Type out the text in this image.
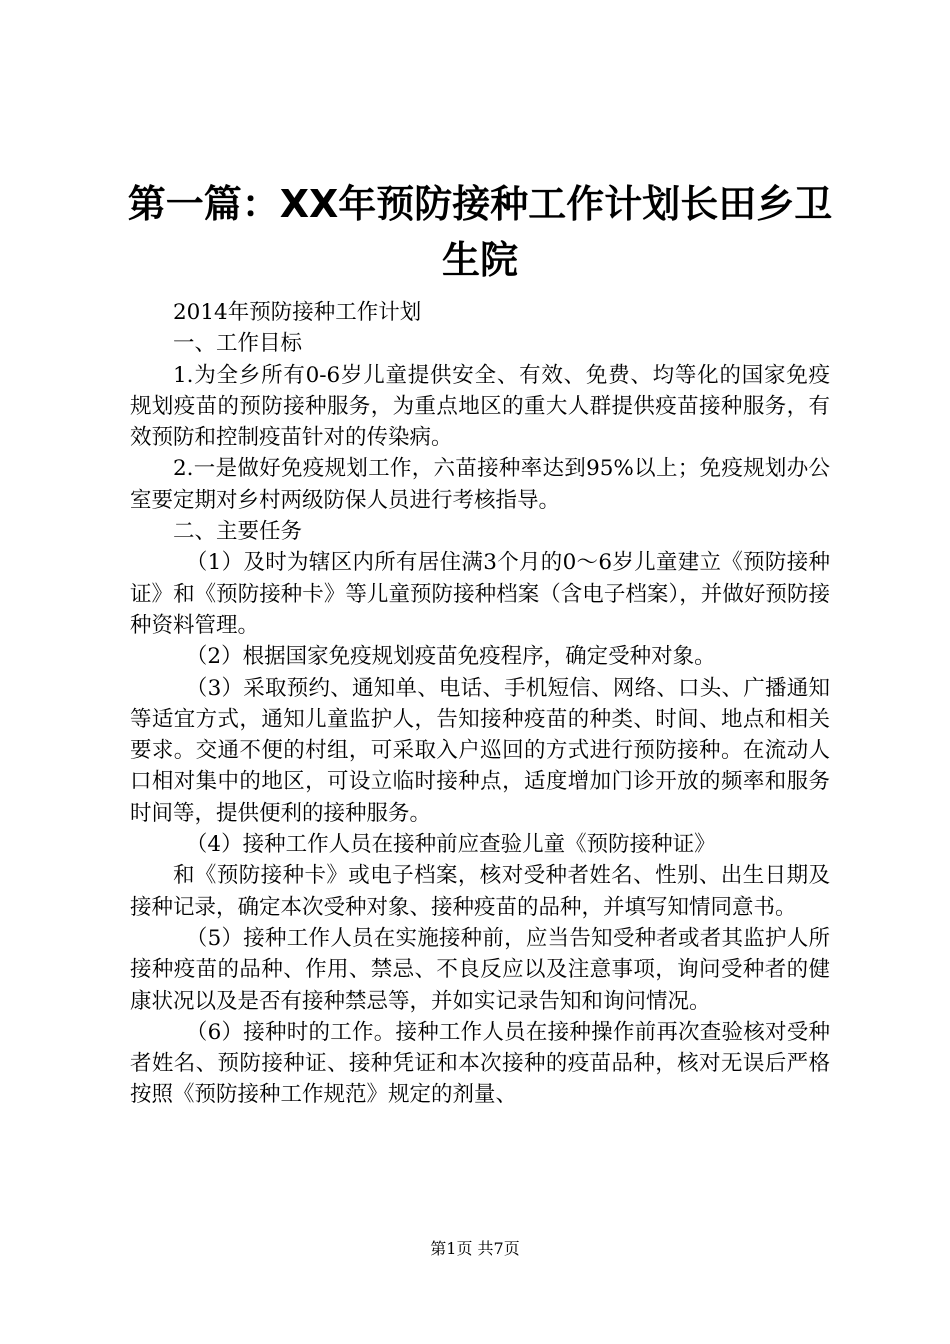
第一篇：XX年预防接种工作计划长田乡卫生院

2014年预防接种工作计划

一、工作目标

1.为全乡所有0-6岁儿童提供安全、有效、免费、均等化的国家免疫规划疫苗的预防接种服务，为重点地区的重大人群提供疫苗接种服务，有效预防和控制疫苗针对的传染病。

2.一是做好免疫规划工作，六苗接种率达到95%以上；免疫规划办公室要定期对乡村两级防保人员进行考核指导。

二、主要任务

（1）及时为辖区内所有居住满3个月的0～6岁儿童建立《预防接种证》和《预防接种卡》等儿童预防接种档案（含电子档案），并做好预防接种资料管理。

（2）根据国家免疫规划疫苗免疫程序，确定受种对象。

（3）采取预约、通知单、电话、手机短信、网络、口头、广播通知等适宜方式，通知儿童监护人，告知接种疫苗的种类、时间、地点和相关要求。交通不便的村组，可采取入户巡回的方式进行预防接种。在流动人口相对集中的地区，可设立临时接种点，适度增加门诊开放的频率和服务时间等，提供便利的接种服务。

（4）接种工作人员在接种前应查验儿童《预防接种证》

和《预防接种卡》或电子档案，核对受种者姓名、性别、出生日期及接种记录，确定本次受种对象、接种疫苗的品种，并填写知情同意书。

（5）接种工作人员在实施接种前，应当告知受种者或者其监护人所接种疫苗的品种、作用、禁忌、不良反应以及注意事项，询问受种者的健康状况以及是否有接种禁忌等，并如实记录告知和询问情况。

（6）接种时的工作。接种工作人员在接种操作前再次查验核对受种者姓名、预防接种证、接种凭证和本次接种的疫苗品种，核对无误后严格按照《预防接种工作规范》规定的剂量、

第1页 共7页
